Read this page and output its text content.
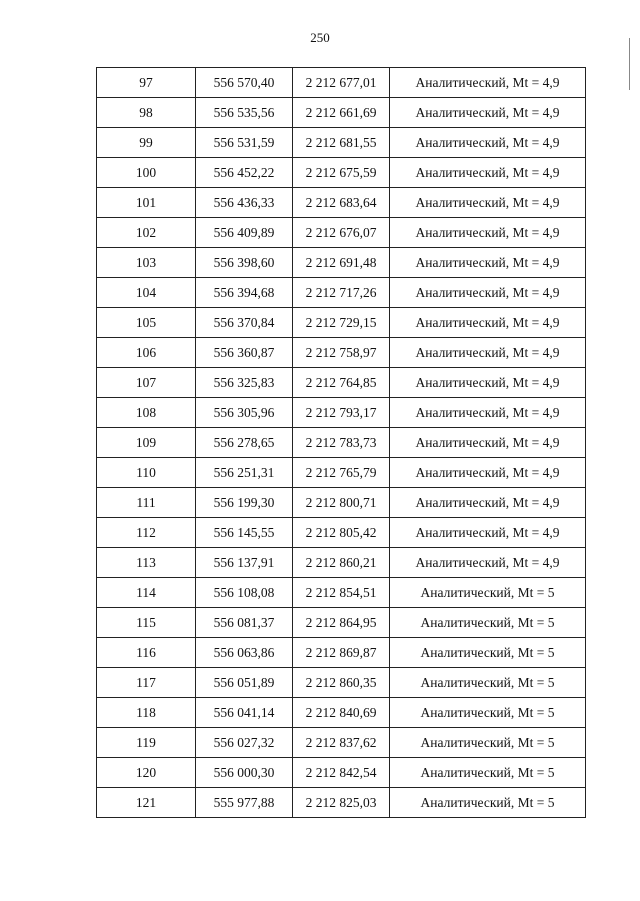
250
97	556 570,40	2 212 677,01	Аналитический, Mt = 4,9
98	556 535,56	2 212 661,69	Аналитический, Mt = 4,9
99	556 531,59	2 212 681,55	Аналитический, Mt = 4,9
100	556 452,22	2 212 675,59	Аналитический, Mt = 4,9
101	556 436,33	2 212 683,64	Аналитический, Mt = 4,9
102	556 409,89	2 212 676,07	Аналитический, Mt = 4,9
103	556 398,60	2 212 691,48	Аналитический, Mt = 4,9
104	556 394,68	2 212 717,26	Аналитический, Mt = 4,9
105	556 370,84	2 212 729,15	Аналитический, Mt = 4,9
106	556 360,87	2 212 758,97	Аналитический, Mt = 4,9
107	556 325,83	2 212 764,85	Аналитический, Mt = 4,9
108	556 305,96	2 212 793,17	Аналитический, Mt = 4,9
109	556 278,65	2 212 783,73	Аналитический, Mt = 4,9
110	556 251,31	2 212 765,79	Аналитический, Mt = 4,9
111	556 199,30	2 212 800,71	Аналитический, Mt = 4,9
112	556 145,55	2 212 805,42	Аналитический, Mt = 4,9
113	556 137,91	2 212 860,21	Аналитический, Mt = 4,9
114	556 108,08	2 212 854,51	Аналитический, Mt = 5
115	556 081,37	2 212 864,95	Аналитический, Mt = 5
116	556 063,86	2 212 869,87	Аналитический, Mt = 5
117	556 051,89	2 212 860,35	Аналитический, Mt = 5
118	556 041,14	2 212 840,69	Аналитический, Mt = 5
119	556 027,32	2 212 837,62	Аналитический, Mt = 5
120	556 000,30	2 212 842,54	Аналитический, Mt = 5
121	555 977,88	2 212 825,03	Аналитический, Mt = 5
